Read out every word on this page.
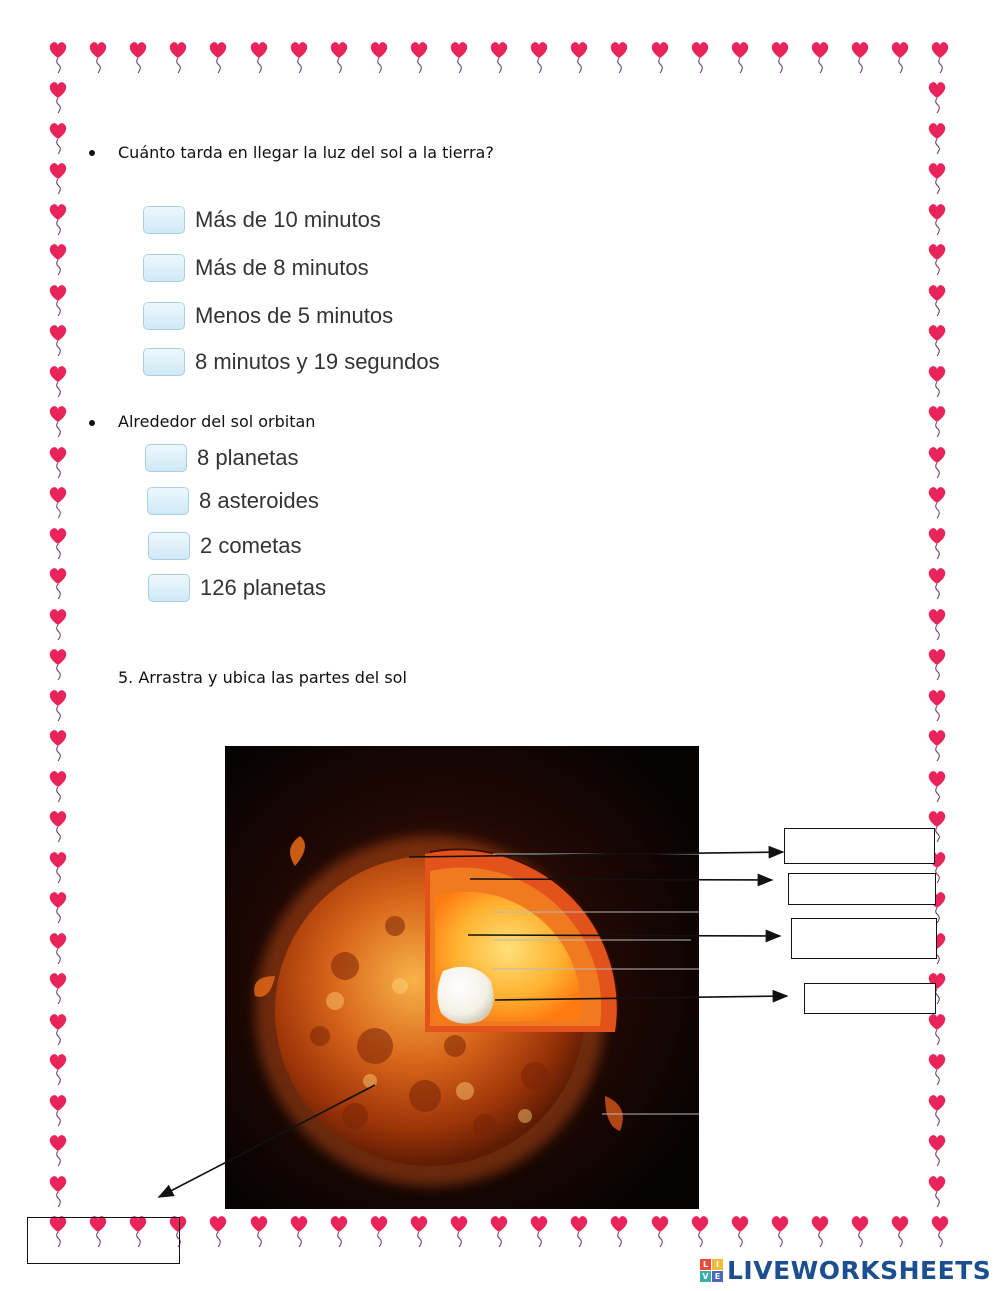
Cuánto tarda en llegar la luz del sol a la tierra?
Más de 10 minutos
Más de 8 minutos
Menos de 5 minutos
8 minutos y 19 segundos
Alrededor del sol orbitan
8 planetas
8 asteroides
2 cometas
126 planetas
5. Arrastra y ubica las partes del sol
L I
V E LIVEWORKSHEETS
